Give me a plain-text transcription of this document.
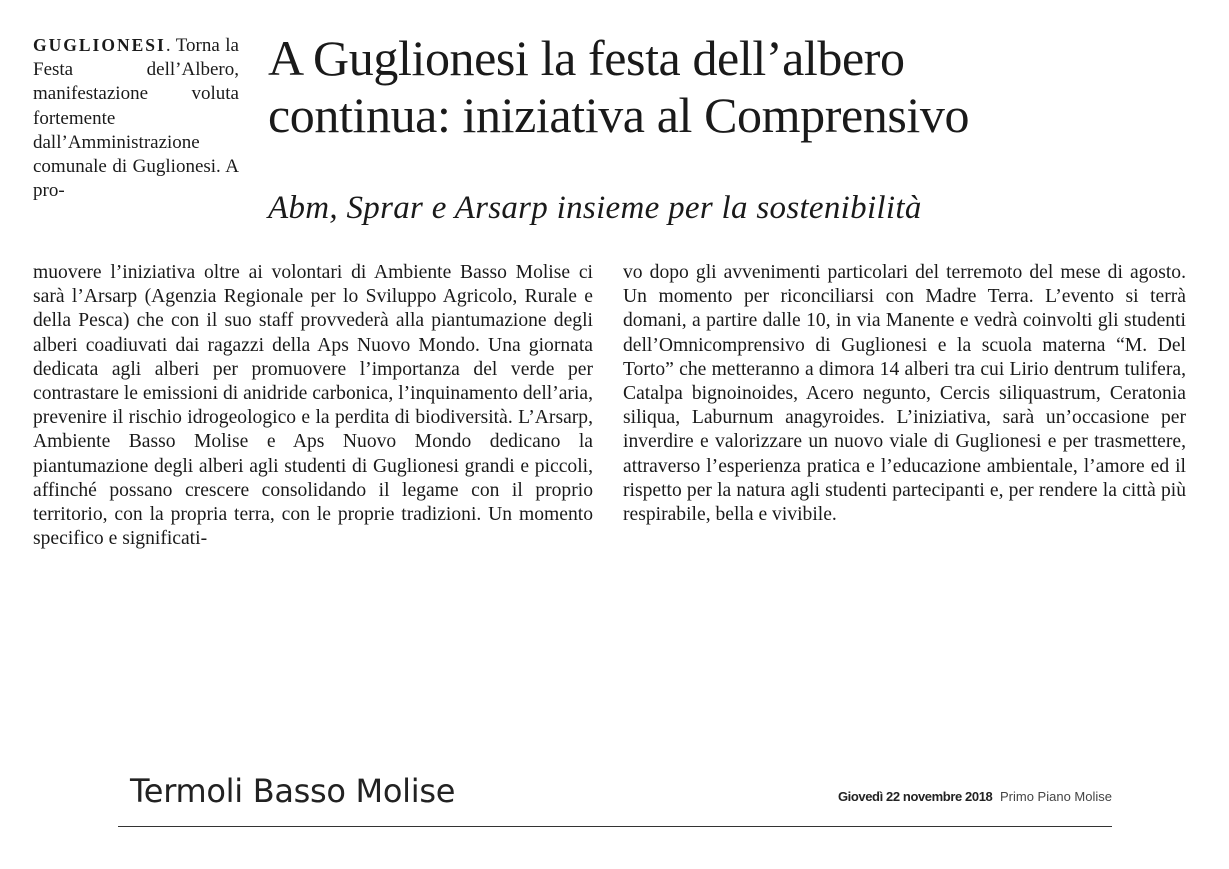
GUGLIONESI. Torna la Festa dell’Albero, manifestazione voluta fortemente dall’Amministrazione comunale di Guglionesi. A pro-

A Guglionesi la festa dell’albero
continua: iniziativa al Comprensivo
Abm, Sprar e Arsarp insieme per la sostenibilità

muovere l’iniziativa oltre ai volontari di Ambiente Basso Molise ci sarà l’Arsarp (Agenzia Regionale per lo Sviluppo Agricolo, Rurale e della Pesca) che con il suo staff provvederà alla piantumazione degli alberi coadiuvati dai ragazzi della Aps Nuovo Mondo. Una giornata dedicata agli alberi per promuovere l’importanza del verde per contrastare le emissioni di anidride carbonica, l’inquinamento dell’aria, prevenire il rischio idrogeologico e la perdita di biodiversità. L’Arsarp, Ambiente Basso Molise e Aps Nuovo Mondo dedicano la piantumazione degli alberi agli studenti di Guglionesi grandi e piccoli, affinché possano crescere consolidando il legame con il proprio territorio, con la propria terra, con le proprie tradizioni. Un momento specifico e significati-

vo dopo gli avvenimenti particolari del terremoto del mese di agosto. Un momento per riconciliarsi con Madre Terra. L’evento si terrà domani, a partire dalle 10, in via Manente e vedrà coinvolti gli studenti dell’Omnicomprensivo di Guglionesi e la scuola materna “M. Del Torto” che metteranno a dimora 14 alberi tra cui Lirio dentrum tulifera, Catalpa bignoinoides, Acero negunto, Cercis siliquastrum, Ceratonia siliqua, Laburnum anagyroides. L’iniziativa, sarà un’occasione per inverdire e valorizzare un nuovo viale di Guglionesi e per trasmettere, attraverso l’esperienza pratica e l’educazione ambientale, l’amore ed il rispetto per la natura agli studenti partecipanti e, per rendere la città più respirabile, bella e vivibile.

Termoli Basso Molise	Giovedì 22 novembre 2018 Primo Piano Molise
